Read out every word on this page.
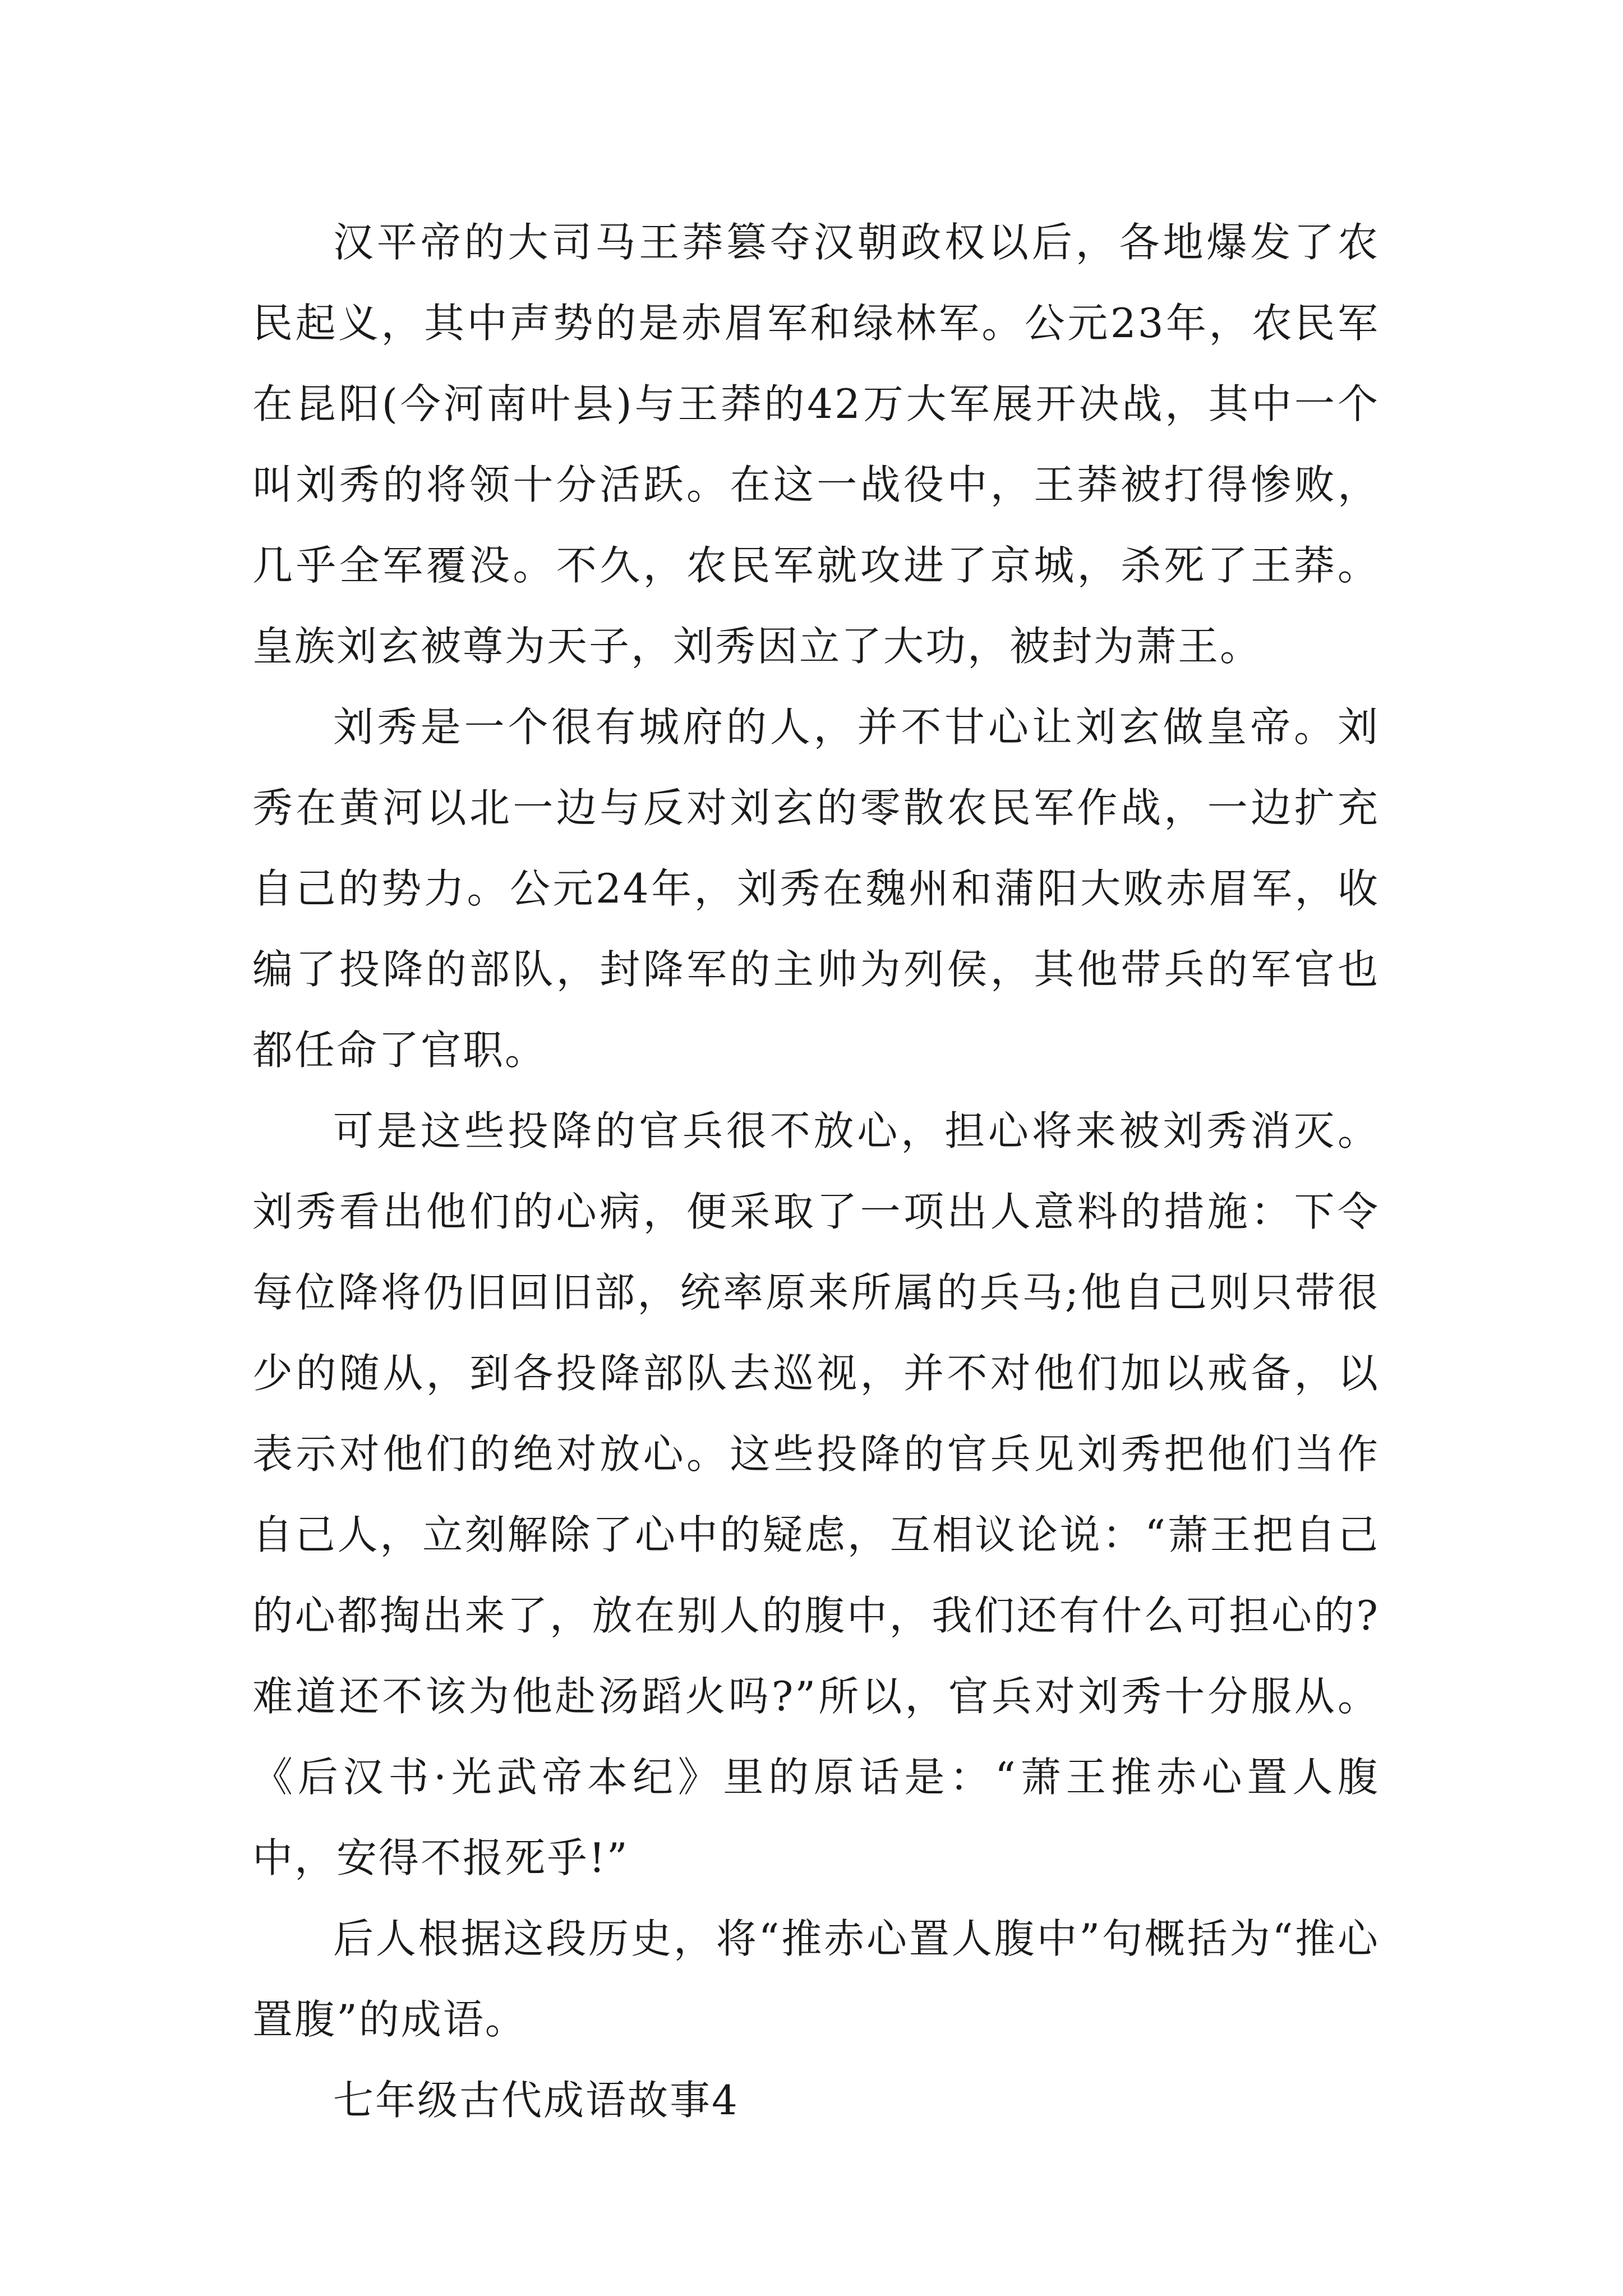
汉平帝的大司马王莽篡夺汉朝政权以后，各地爆发了农民起义，其中声势的是赤眉军和绿林军。公元23年，农民军在昆阳(今河南叶县)与王莽的42万大军展开决战，其中一个叫刘秀的将领十分活跃。在这一战役中，王莽被打得惨败，几乎全军覆没。不久，农民军就攻进了京城，杀死了王莽。皇族刘玄被尊为天子，刘秀因立了大功，被封为萧王。

刘秀是一个很有城府的人，并不甘心让刘玄做皇帝。刘秀在黄河以北一边与反对刘玄的零散农民军作战，一边扩充自己的势力。公元24年，刘秀在魏州和蒲阳大败赤眉军，收编了投降的部队，封降军的主帅为列侯，其他带兵的军官也都任命了官职。

可是这些投降的官兵很不放心，担心将来被刘秀消灭。刘秀看出他们的心病，便采取了一项出人意料的措施：下令每位降将仍旧回旧部，统率原来所属的兵马;他自己则只带很少的随从，到各投降部队去巡视，并不对他们加以戒备，以表示对他们的绝对放心。这些投降的官兵见刘秀把他们当作自己人，立刻解除了心中的疑虑，互相议论说：“萧王把自己的心都掏出来了，放在别人的腹中，我们还有什么可担心的?难道还不该为他赴汤蹈火吗?”所以，官兵对刘秀十分服从。《后汉书·光武帝本纪》里的原话是：“萧王推赤心置人腹中，安得不报死乎!”

后人根据这段历史，将“推赤心置人腹中”句概括为“推心置腹”的成语。

七年级古代成语故事4
